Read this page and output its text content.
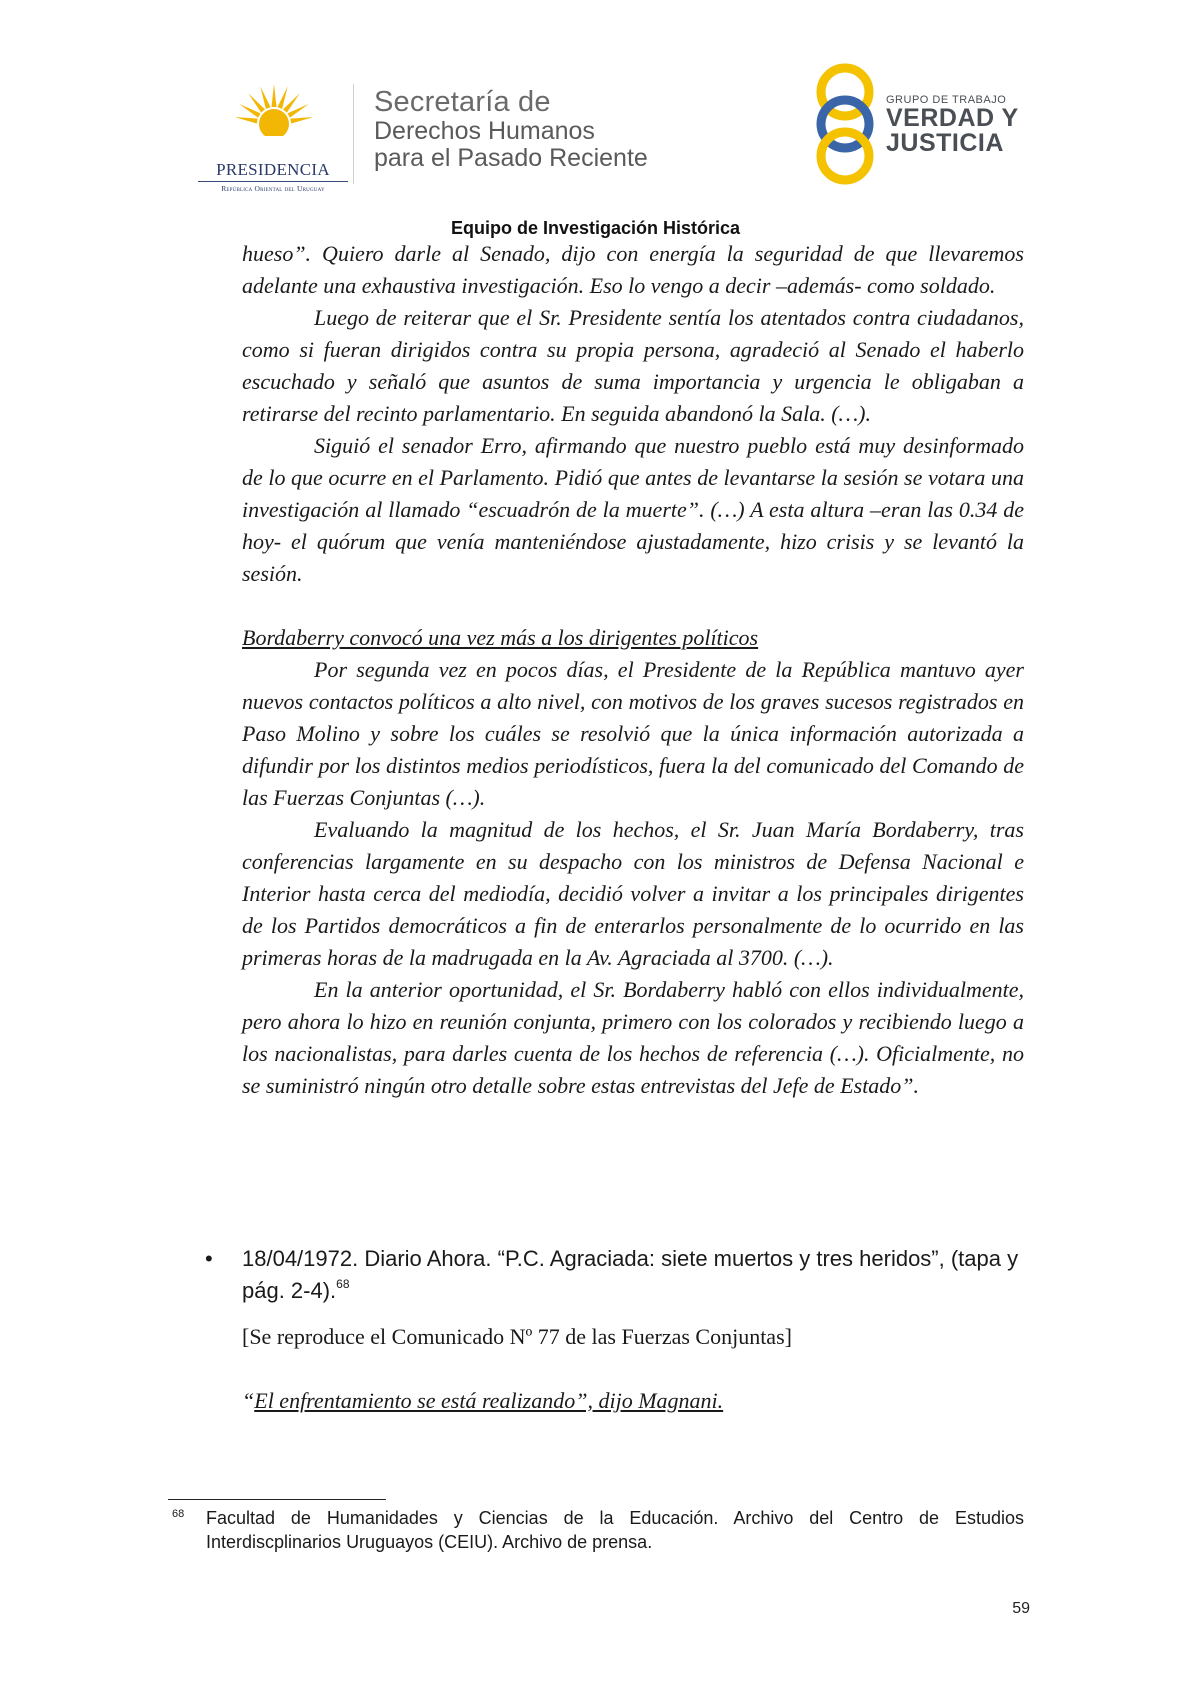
PRESIDENCIA
República Oriental del Uruguay
Secretaría de
Derechos Humanos
para el Pasado Reciente
GRUPO DE TRABAJO
VERDAD Y
JUSTICIA
Equipo de Investigación Histórica

hueso”. Quiero darle al Senado, dijo con energía la seguridad de que llevaremos adelante una exhaustiva investigación. Eso lo vengo a decir –además- como soldado.

Luego de reiterar que el Sr. Presidente sentía los atentados contra ciudadanos, como si fueran dirigidos contra su propia persona, agradeció al Senado el haberlo escuchado y señaló que asuntos de suma importancia y urgencia le obligaban a retirarse del recinto parlamentario. En seguida abandonó la Sala. (…).

Siguió el senador Erro, afirmando que nuestro pueblo está muy desinformado de lo que ocurre en el Parlamento. Pidió que antes de levantarse la sesión se votara una investigación al llamado “escuadrón de la muerte”. (…) A esta altura –eran las 0.34 de hoy- el quórum que venía manteniéndose ajustadamente, hizo crisis y se levantó la sesión.

Bordaberry convocó una vez más a los dirigentes políticos

Por segunda vez en pocos días, el Presidente de la República mantuvo ayer nuevos contactos políticos a alto nivel, con motivos de los graves sucesos registrados en Paso Molino y sobre los cuáles se resolvió que la única información autorizada a difundir por los distintos medios periodísticos, fuera la del comunicado del Comando de las Fuerzas Conjuntas (…).

Evaluando la magnitud de los hechos, el Sr. Juan María Bordaberry, tras conferencias largamente en su despacho con los ministros de Defensa Nacional e Interior hasta cerca del mediodía, decidió volver a invitar a los principales dirigentes de los Partidos democráticos a fin de enterarlos personalmente de lo ocurrido en las primeras horas de la madrugada en la Av. Agraciada al 3700. (…).

En la anterior oportunidad, el Sr. Bordaberry habló con ellos individualmente, pero ahora lo hizo en reunión conjunta, primero con los colorados y recibiendo luego a los nacionalistas, para darles cuenta de los hechos de referencia (…). Oficialmente, no se suministró ningún otro detalle sobre estas entrevistas del Jefe de Estado”.

• 18/04/1972. Diario Ahora. “P.C. Agraciada: siete muertos y tres heridos”, (tapa y pág. 2-4).$^{68}$
[Se reproduce el Comunicado Nº 77 de las Fuerzas Conjuntas]
“El enfrentamiento se está realizando”, dijo Magnani.
68 Facultad de Humanidades y Ciencias de la Educación. Archivo del Centro de Estudios Interdiscplinarios Uruguayos (CEIU). Archivo de prensa.
59
